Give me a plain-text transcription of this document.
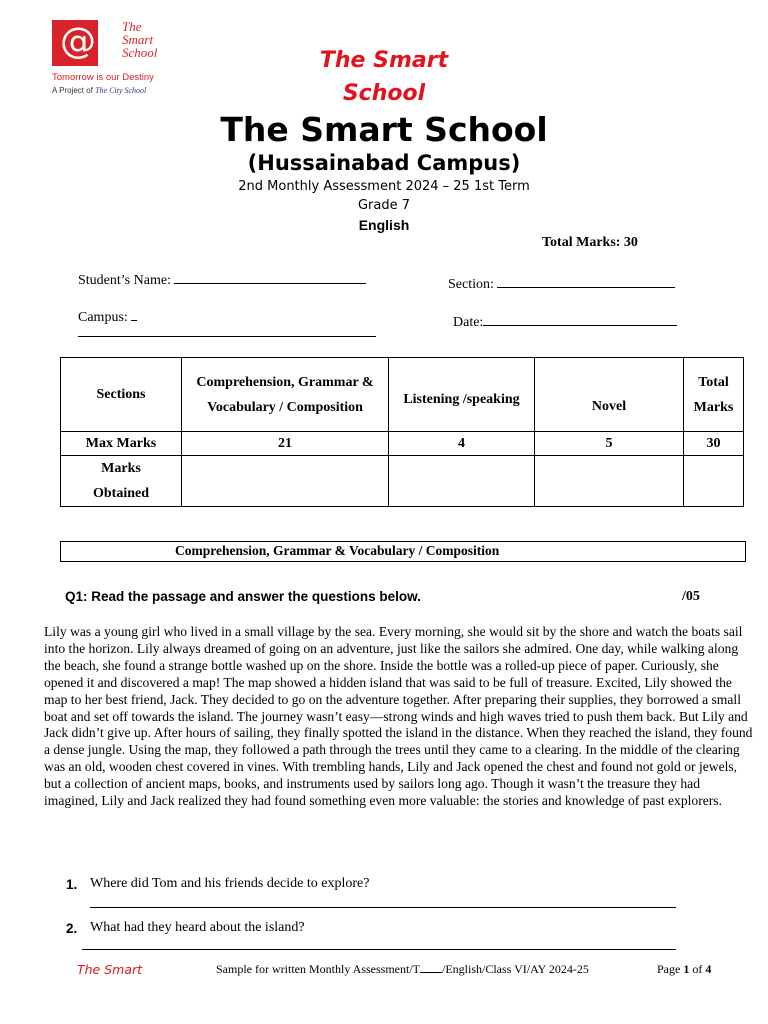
@ The
Smart
School
Tomorrow is our Destiny
A Project of The City School
The Smart
School
The Smart School
(Hussainabad Campus)
2nd Monthly Assessment 2024 – 25 1st Term
Grade 7
English
Total Marks: 30
Student’s Name:	Section:
Campus:	Date:
Sections	Comprehension, Grammar & Vocabulary / Composition	Listening /speaking	Novel	Total Marks
Max Marks	21	4	5	30
Marks Obtained				
Comprehension, Grammar & Vocabulary / Composition
Q1: Read the passage and answer the questions below.	/05
Lily was a young girl who lived in a small village by the sea. Every morning, she would sit by the shore and watch the boats sail into the horizon. Lily always dreamed of going on an adventure, just like the sailors she admired. One day, while walking along the beach, she found a strange bottle washed up on the shore. Inside the bottle was a rolled-up piece of paper. Curiously, she opened it and discovered a map! The map showed a hidden island that was said to be full of treasure. Excited, Lily showed the map to her best friend, Jack. They decided to go on the adventure together. After preparing their supplies, they borrowed a small boat and set off towards the island. The journey wasn’t easy—strong winds and high waves tried to push them back. But Lily and Jack didn’t give up. After hours of sailing, they finally spotted the island in the distance. When they reached the island, they found a dense jungle. Using the map, they followed a path through the trees until they came to a clearing. In the middle of the clearing was an old, wooden chest covered in vines. With trembling hands, Lily and Jack opened the chest and found not gold or jewels, but a collection of ancient maps, books, and instruments used by sailors long ago. Though it wasn’t the treasure they had imagined, Lily and Jack realized they had found something even more valuable: the stories and knowledge of past explorers.
1. Where did Tom and his friends decide to explore?
2. What had they heard about the island?
The Smart	Sample for written Monthly Assessment/T /English/Class VI/AY 2024-25	Page 1 of 4
